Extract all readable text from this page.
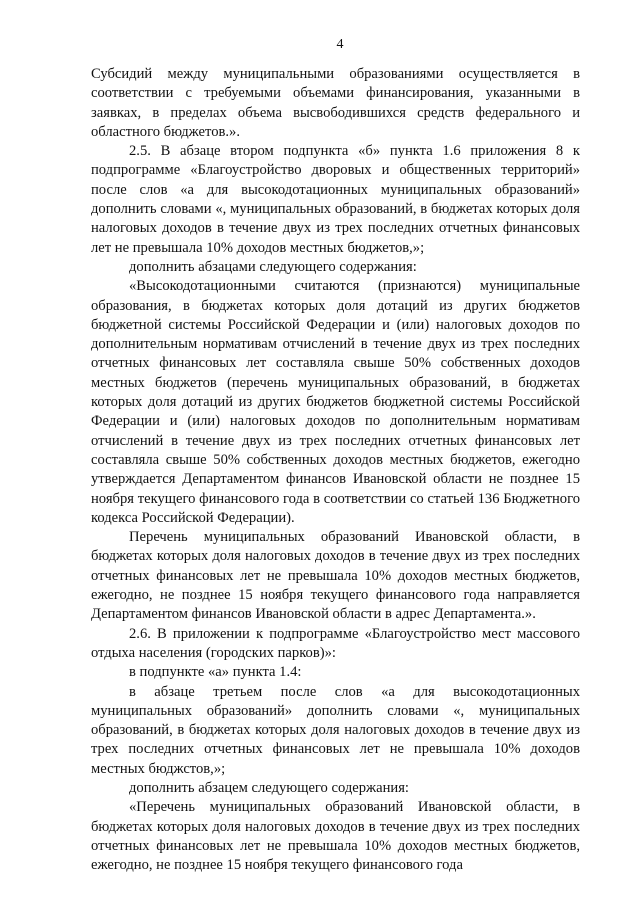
4

Субсидий между муниципальными образованиями осуществляется в соответствии с требуемыми объемами финансирования, указанными в заявках, в пределах объема высвободившихся средств федерального и областного бюджетов.».

2.5. В абзаце втором подпункта «б» пункта 1.6 приложения 8 к подпрограмме «Благоустройство дворовых и общественных территорий» после слов «а для высокодотационных муниципальных образований» дополнить словами «, муниципальных образований, в бюджетах которых доля налоговых доходов в течение двух из трех последних отчетных финансовых лет не превышала 10% доходов местных бюджетов,»;

дополнить абзацами следующего содержания:

«Высокодотационными считаются (признаются) муниципальные образования, в бюджетах которых доля дотаций из других бюджетов бюджетной системы Российской Федерации и (или) налоговых доходов по дополнительным нормативам отчислений в течение двух из трех последних отчетных финансовых лет составляла свыше 50% собственных доходов местных бюджетов (перечень муниципальных образований, в бюджетах которых доля дотаций из других бюджетов бюджетной системы Российской Федерации и (или) налоговых доходов по дополнительным нормативам отчислений в течение двух из трех последних отчетных финансовых лет составляла свыше 50% собственных доходов местных бюджетов, ежегодно утверждается Департаментом финансов Ивановской области не позднее 15 ноября текущего финансового года в соответствии со статьей 136 Бюджетного кодекса Российской Федерации).

Перечень муниципальных образований Ивановской области, в бюджетах которых доля налоговых доходов в течение двух из трех последних отчетных финансовых лет не превышала 10% доходов местных бюджетов, ежегодно, не позднее 15 ноября текущего финансового года направляется Департаментом финансов Ивановской области в адрес Департамента.».

2.6. В приложении к подпрограмме «Благоустройство мест массового отдыха населения (городских парков)»:

в подпункте «а» пункта 1.4:

в абзаце третьем после слов «а для высокодотационных муниципальных образований» дополнить словами «, муниципальных образований, в бюджетах которых доля налоговых доходов в течение двух из трех последних отчетных финансовых лет не превышала 10% доходов местных бюджстов,»;

дополнить абзацем следующего содержания:

«Перечень муниципальных образований Ивановской области, в бюджетах которых доля налоговых доходов в течение двух из трех последних отчетных финансовых лет не превышала 10% доходов местных бюджетов, ежегодно, не позднее 15 ноября текущего финансового года
